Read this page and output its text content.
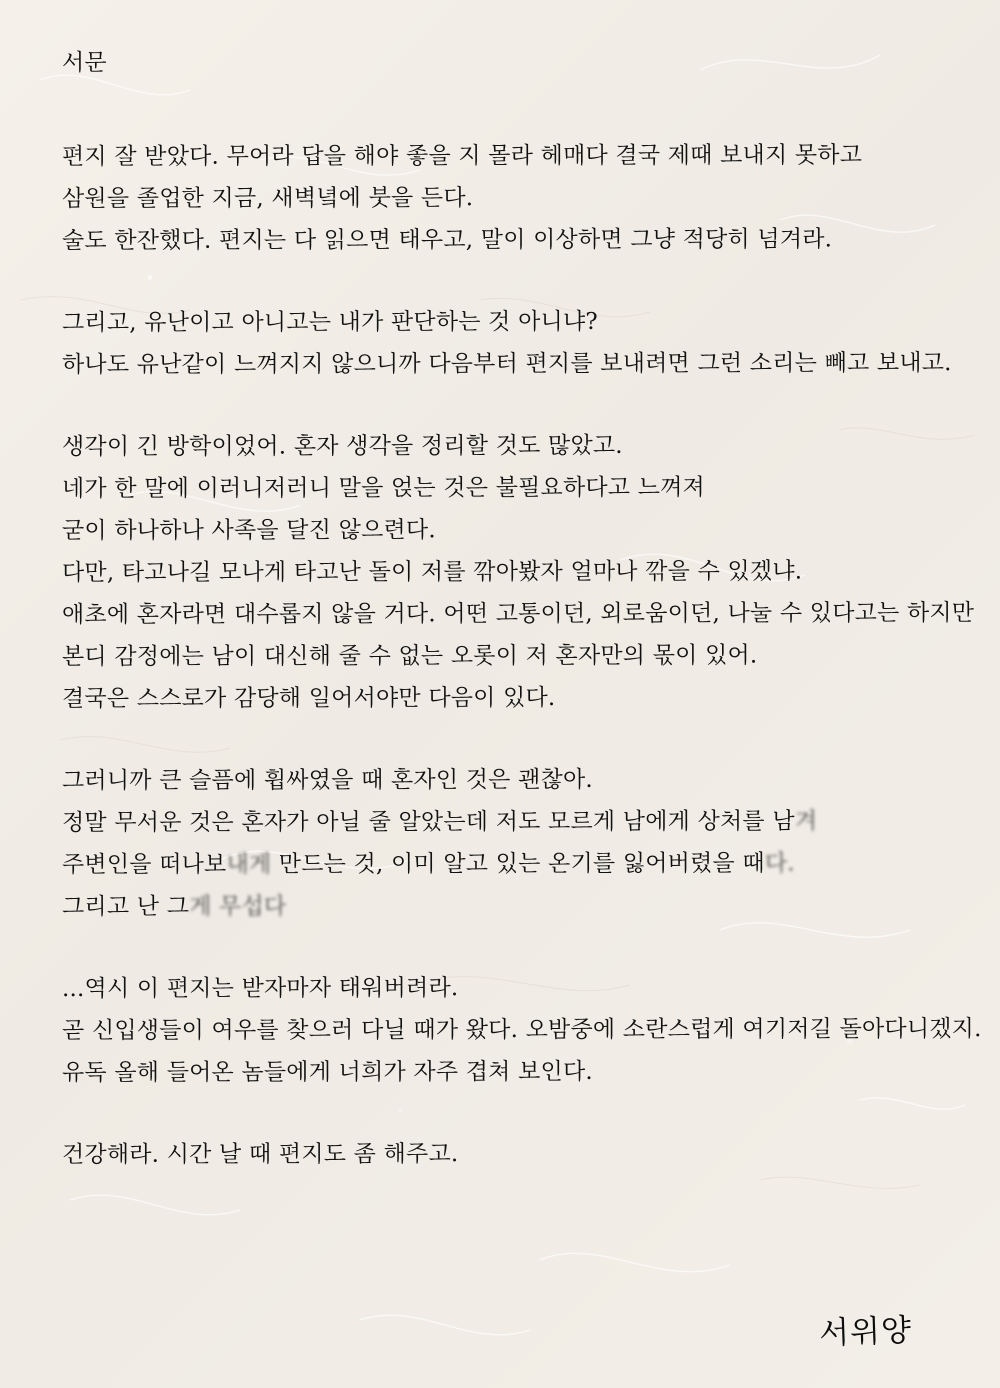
서문
편지 잘 받았다. 무어라 답을 해야 좋을 지 몰라 헤매다 결국 제때 보내지 못하고
삼원을 졸업한 지금, 새벽녘에 붓을 든다.
술도 한잔했다. 편지는 다 읽으면 태우고, 말이 이상하면 그냥 적당히 넘겨라.
그리고, 유난이고 아니고는 내가 판단하는 것 아니냐?
하나도 유난같이 느껴지지 않으니까 다음부터 편지를 보내려면 그런 소리는 빼고 보내고.
생각이 긴 방학이었어. 혼자 생각을 정리할 것도 많았고.
네가 한 말에 이러니저러니 말을 얹는 것은 불필요하다고 느껴져
굳이 하나하나 사족을 달진 않으련다.
다만, 타고나길 모나게 타고난 돌이 저를 깎아봤자 얼마나 깎을 수 있겠냐.
애초에 혼자라면 대수롭지 않을 거다. 어떤 고통이던, 외로움이던, 나눌 수 있다고는 하지만
본디 감정에는 남이 대신해 줄 수 없는 오롯이 저 혼자만의 몫이 있어.
결국은 스스로가 감당해 일어서야만 다음이 있다.
그러니까 큰 슬픔에 휩싸였을 때 혼자인 것은 괜찮아.
정말 무서운 것은 혼자가 아닐 줄 알았는데 저도 모르게 남에게 상처를 남겨
주변인을 떠나보내게 만드는 것, 이미 알고 있는 온기를 잃어버렸을 때다.
그리고 난 그게 무섭다
...역시 이 편지는 받자마자 태워버려라.
곧 신입생들이 여우를 찾으러 다닐 때가 왔다. 오밤중에 소란스럽게 여기저길 돌아다니겠지.
유독 올해 들어온 놈들에게 너희가 자주 겹쳐 보인다.
건강해라. 시간 날 때 편지도 좀 해주고.
서위양
